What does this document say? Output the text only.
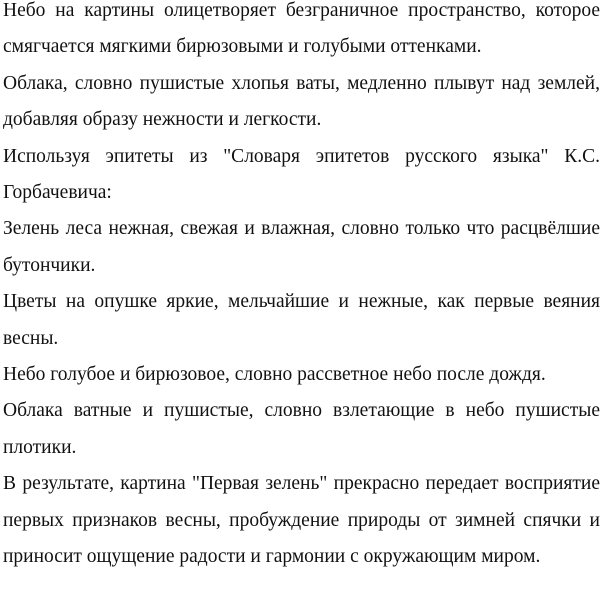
Небо на картины олицетворяет безграничное пространство, которое смягчается мягкими бирюзовыми и голубыми оттенками.

Облака, словно пушистые хлопья ваты, медленно плывут над землей, добавляя образу нежности и легкости.

Используя эпитеты из "Словаря эпитетов русского языка" К.С. Горбачевича:

Зелень леса нежная, свежая и влажная, словно только что расцвёлшие бутончики.

Цветы на опушке яркие, мельчайшие и нежные, как первые веяния весны.

Небо голубое и бирюзовое, словно рассветное небо после дождя.

Облака ватные и пушистые, словно взлетающие в небо пушистые плотики.

В результате, картина "Первая зелень" прекрасно передает восприятие первых признаков весны, пробуждение природы от зимней спячки и приносит ощущение радости и гармонии с окружающим миром.
